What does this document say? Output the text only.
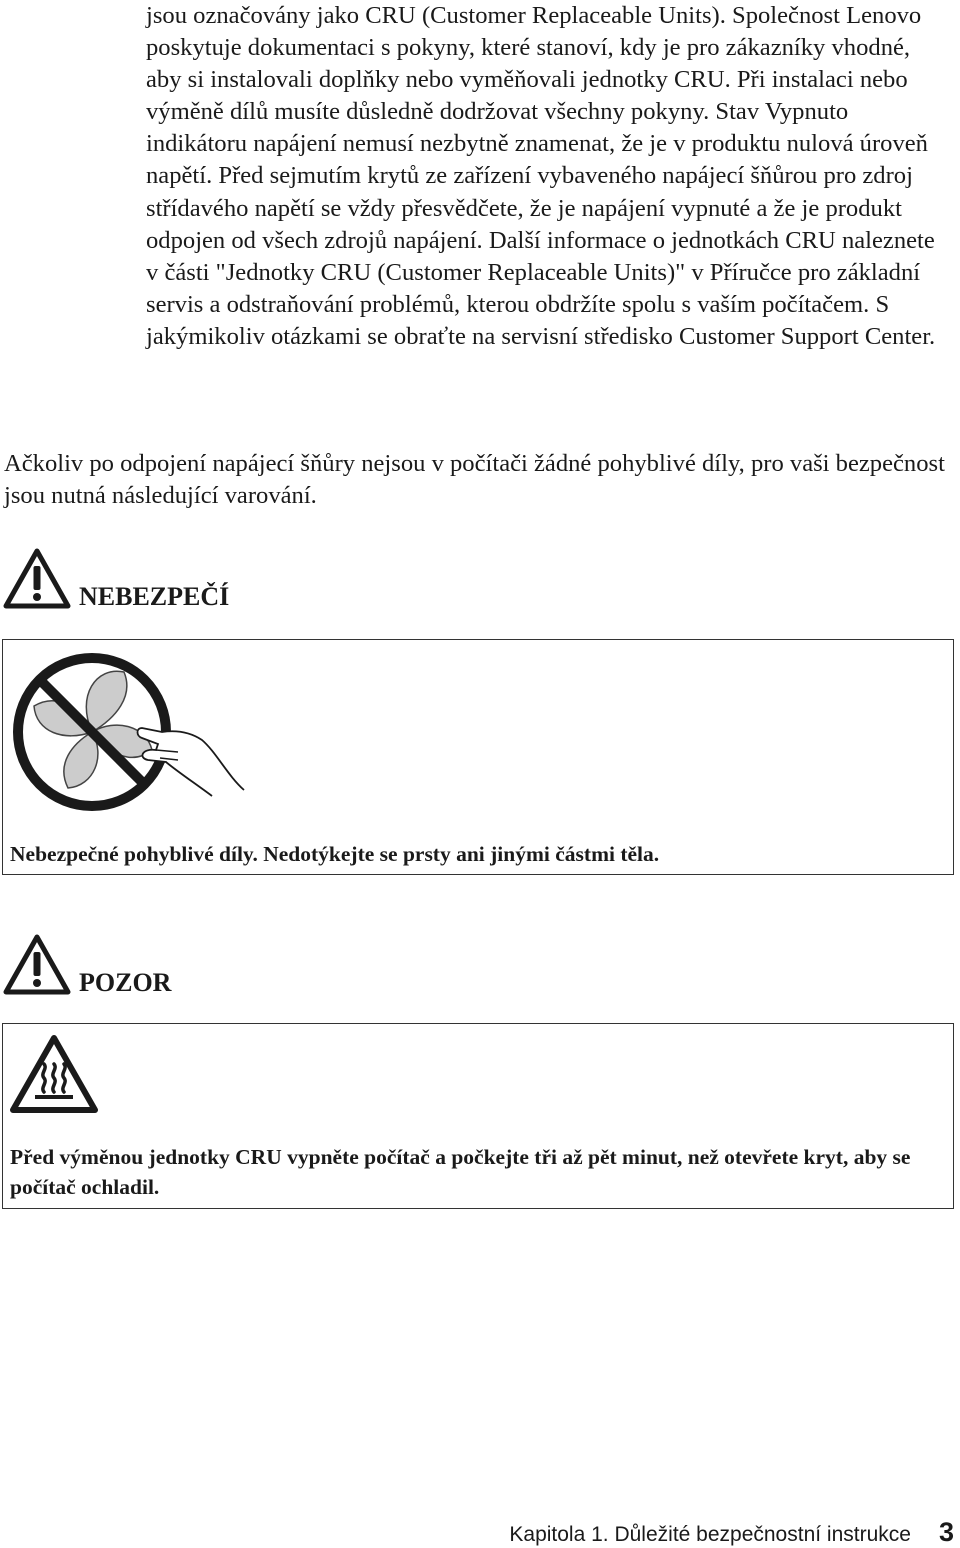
jsou označovány jako CRU (Customer Replaceable Units). Společnost Lenovo poskytuje dokumentaci s pokyny, které stanoví, kdy je pro zákazníky vhodné, aby si instalovali doplňky nebo vyměňovali jednotky CRU. Při instalaci nebo výměně dílů musíte důsledně dodržovat všechny pokyny. Stav Vypnuto indikátoru napájení nemusí nezbytně znamenat, že je v produktu nulová úroveň napětí. Před sejmutím krytů ze zařízení vybaveného napájecí šňůrou pro zdroj střídavého napětí se vždy přesvědčete, že je napájení vypnuté a že je produkt odpojen od všech zdrojů napájení. Další informace o jednotkách CRU naleznete v části "Jednotky CRU (Customer Replaceable Units)" v Příručce pro základní servis a odstraňování problémů, kterou obdržíte spolu s vaším počítačem. S jakýmikoliv otázkami se obraťte na servisní středisko Customer Support Center.

Ačkoliv po odpojení napájecí šňůry nejsou v počítači žádné pohyblivé díly, pro vaši bezpečnost jsou nutná následující varování.

NEBEZPEČÍ
Nebezpečné pohyblivé díly. Nedotýkejte se prsty ani jinými částmi těla.
POZOR
Před výměnou jednotky CRU vypněte počítač a počkejte tři až pět minut, než otevřete kryt, aby se počítač ochladil.
Kapitola 1. Důležité bezpečnostní instrukce 3
